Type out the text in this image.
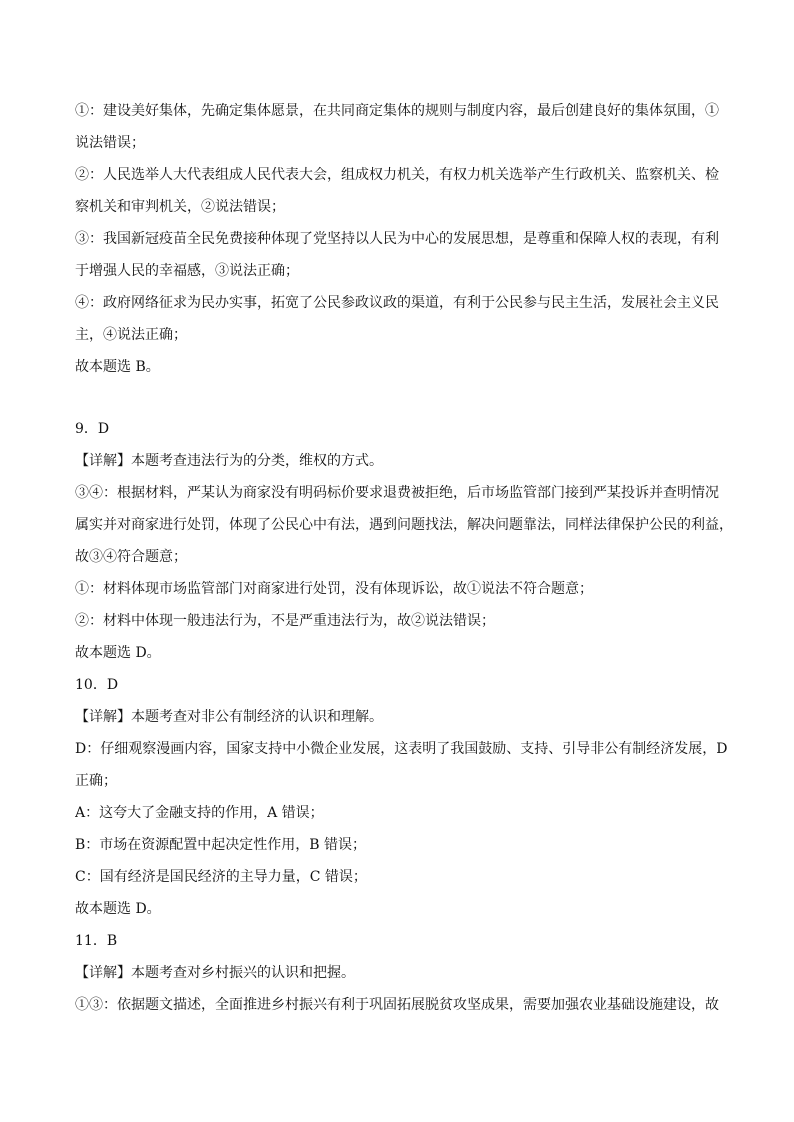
①：建设美好集体，先确定集体愿景，在共同商定集体的规则与制度内容，最后创建良好的集体氛围，①
说法错误；
②：人民选举人大代表组成人民代表大会，组成权力机关，有权力机关选举产生行政机关、监察机关、检
察机关和审判机关，②说法错误；
③：我国新冠疫苗全民免费接种体现了党坚持以人民为中心的发展思想，是尊重和保障人权的表现，有利
于增强人民的幸福感，③说法正确；
④：政府网络征求为民办实事，拓宽了公民参政议政的渠道，有利于公民参与民主生活，发展社会主义民
主，④说法正确；
故本题选 B。
9．D
【详解】本题考查违法行为的分类，维权的方式。
③④：根据材料，严某认为商家没有明码标价要求退费被拒绝，后市场监管部门接到严某投诉并查明情况
属实并对商家进行处罚，体现了公民心中有法，遇到问题找法，解决问题靠法，同样法律保护公民的利益，
故③④符合题意；
①：材料体现市场监管部门对商家进行处罚，没有体现诉讼，故①说法不符合题意；
②：材料中体现一般违法行为，不是严重违法行为，故②说法错误；
故本题选 D。
10．D
【详解】本题考查对非公有制经济的认识和理解。
D：仔细观察漫画内容，国家支持中小微企业发展，这表明了我国鼓励、支持、引导非公有制经济发展，D
正确；
A：这夸大了金融支持的作用，A 错误；
B：市场在资源配置中起决定性作用，B 错误；
C：国有经济是国民经济的主导力量，C 错误；
故本题选 D。
11．B
【详解】本题考查对乡村振兴的认识和把握。
①③：依据题文描述，全面推进乡村振兴有利于巩固拓展脱贫攻坚成果，需要加强农业基础设施建设，故
